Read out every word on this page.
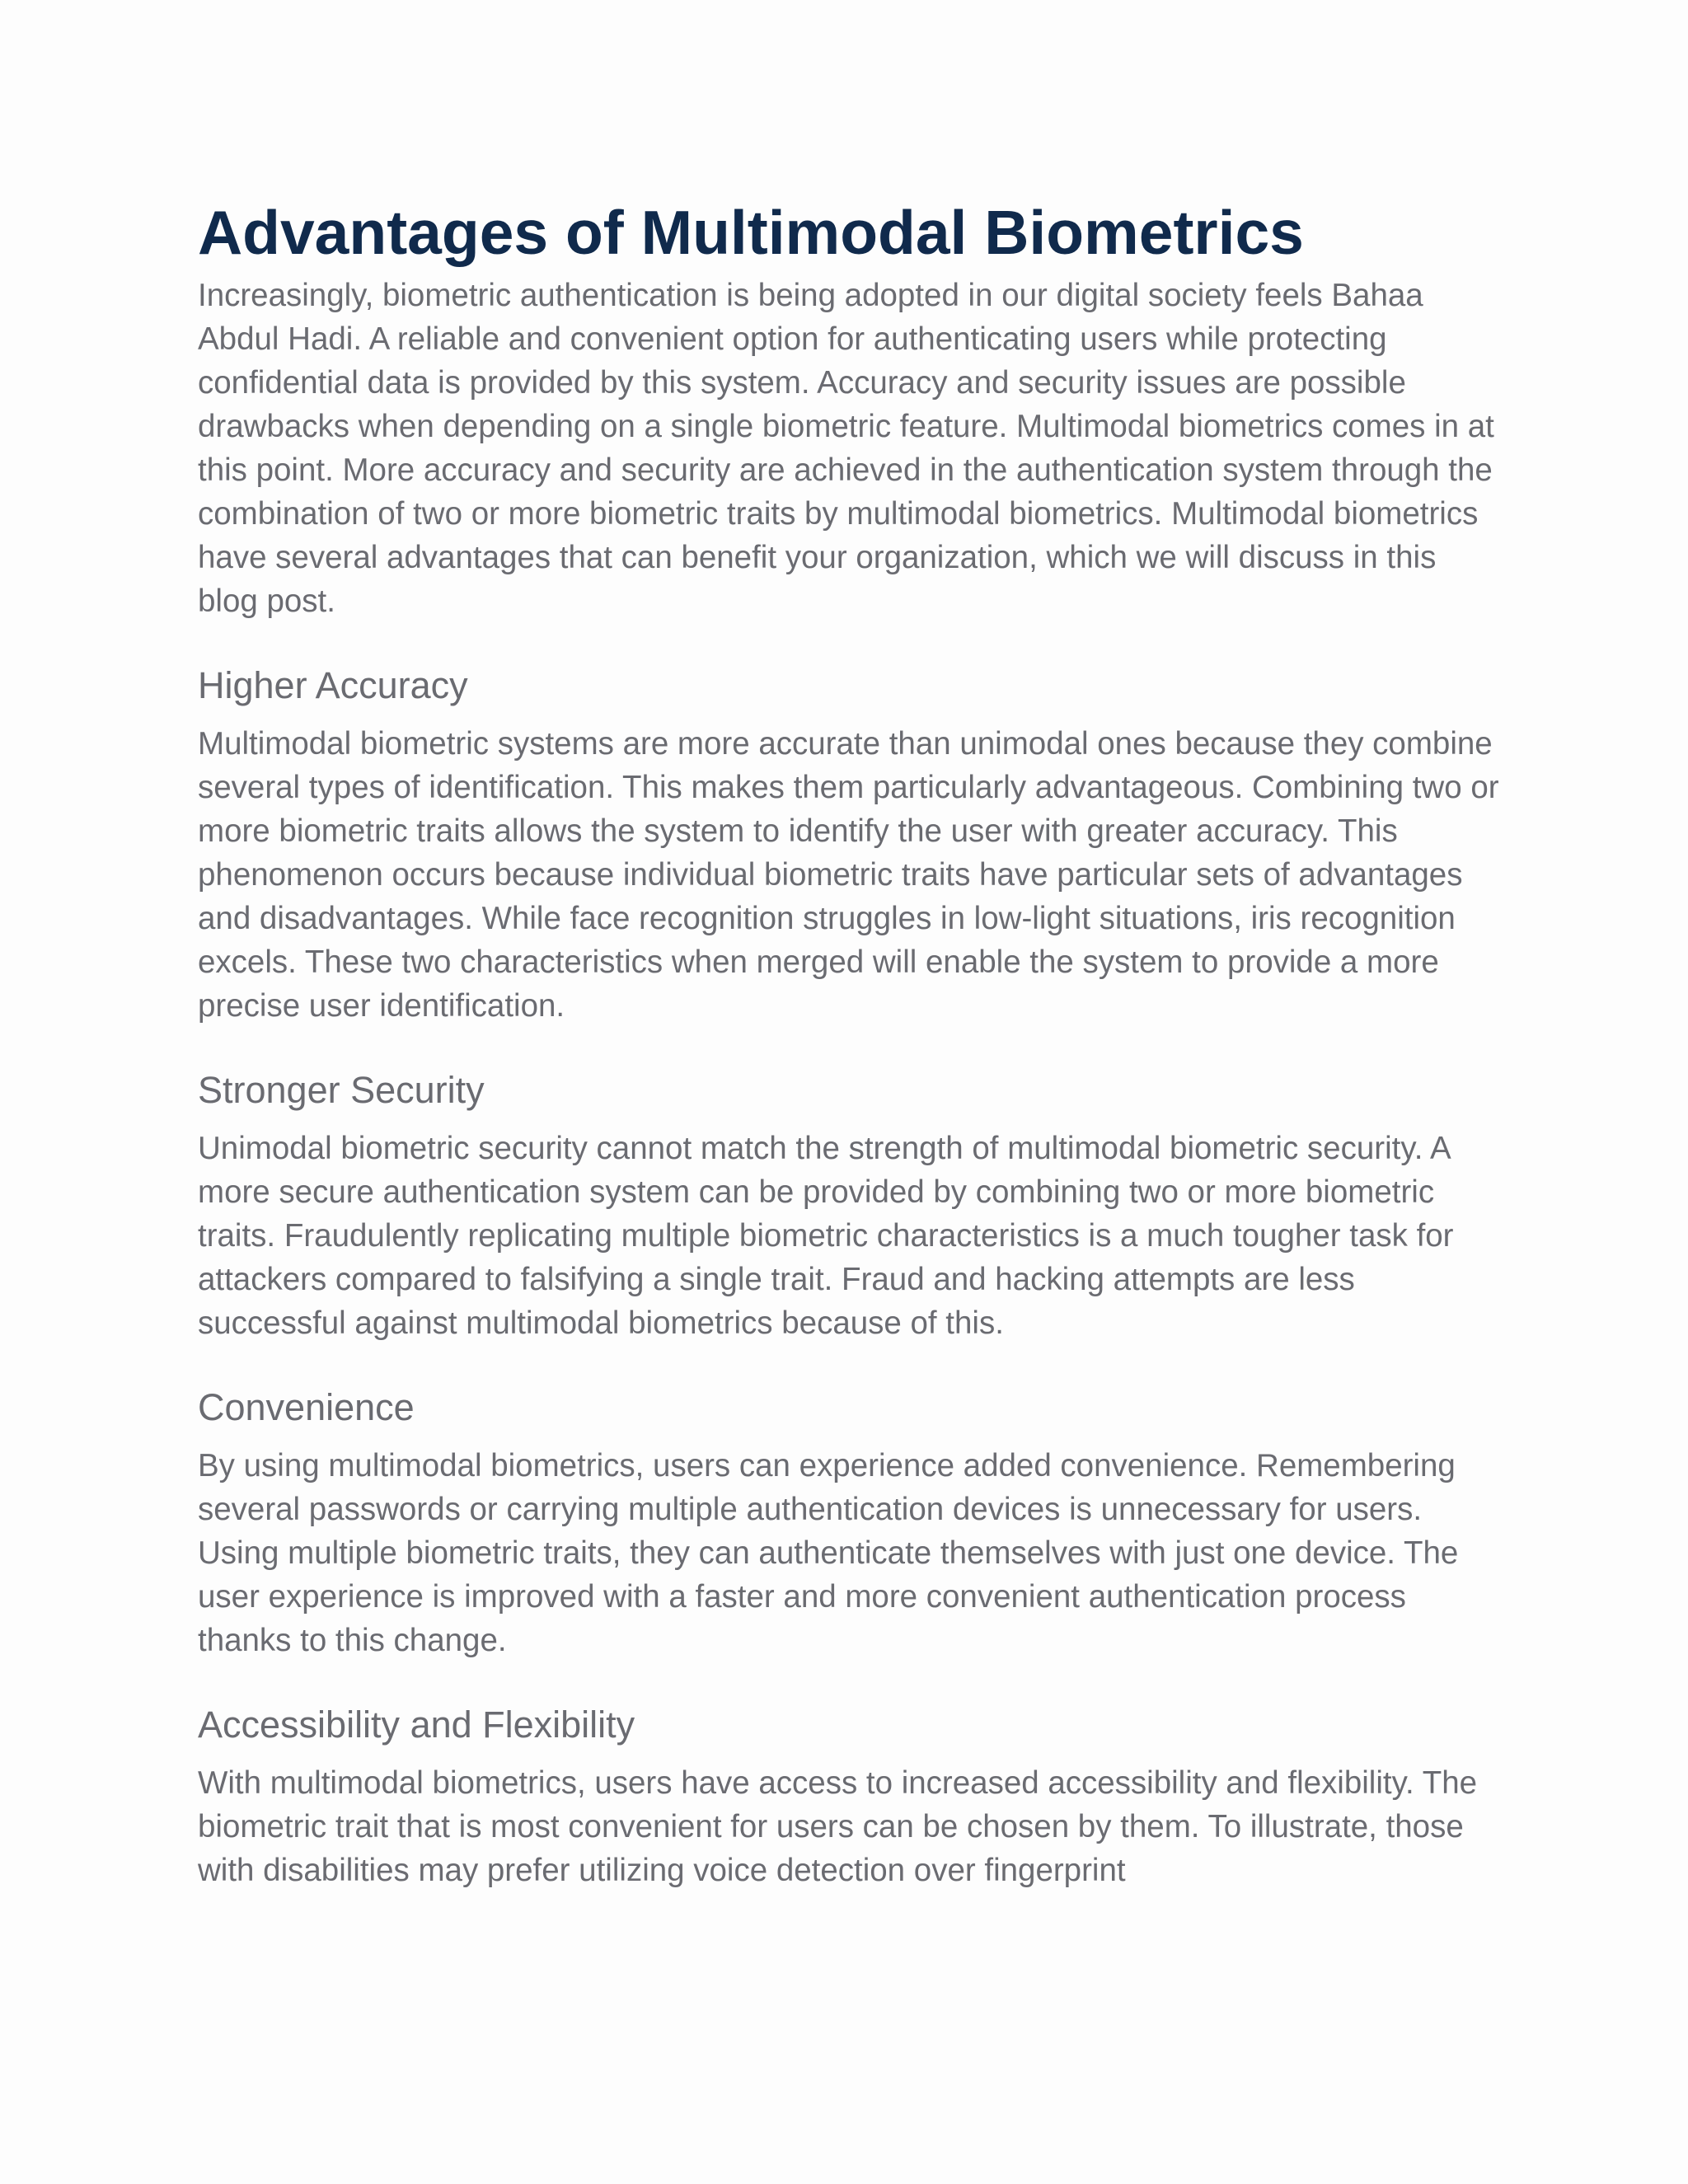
Advantages of Multimodal Biometrics

Increasingly, biometric authentication is being adopted in our digital society feels Bahaa Abdul Hadi. A reliable and convenient option for authenticating users while protecting confidential data is provided by this system. Accuracy and security issues are possible drawbacks when depending on a single biometric feature. Multimodal biometrics comes in at this point. More accuracy and security are achieved in the authentication system through the combination of two or more biometric traits by multimodal biometrics. Multimodal biometrics have several advantages that can benefit your organization, which we will discuss in this blog post.

Higher Accuracy

Multimodal biometric systems are more accurate than unimodal ones because they combine several types of identification. This makes them particularly advantageous. Combining two or more biometric traits allows the system to identify the user with greater accuracy. This phenomenon occurs because individual biometric traits have particular sets of advantages and disadvantages. While face recognition struggles in low-light situations, iris recognition excels. These two characteristics when merged will enable the system to provide a more precise user identification.

Stronger Security

Unimodal biometric security cannot match the strength of multimodal biometric security. A more secure authentication system can be provided by combining two or more biometric traits. Fraudulently replicating multiple biometric characteristics is a much tougher task for attackers compared to falsifying a single trait. Fraud and hacking attempts are less successful against multimodal biometrics because of this.

Convenience

By using multimodal biometrics, users can experience added convenience. Remembering several passwords or carrying multiple authentication devices is unnecessary for users. Using multiple biometric traits, they can authenticate themselves with just one device. The user experience is improved with a faster and more convenient authentication process thanks to this change.

Accessibility and Flexibility

With multimodal biometrics, users have access to increased accessibility and flexibility. The biometric trait that is most convenient for users can be chosen by them. To illustrate, those with disabilities may prefer utilizing voice detection over fingerprint
